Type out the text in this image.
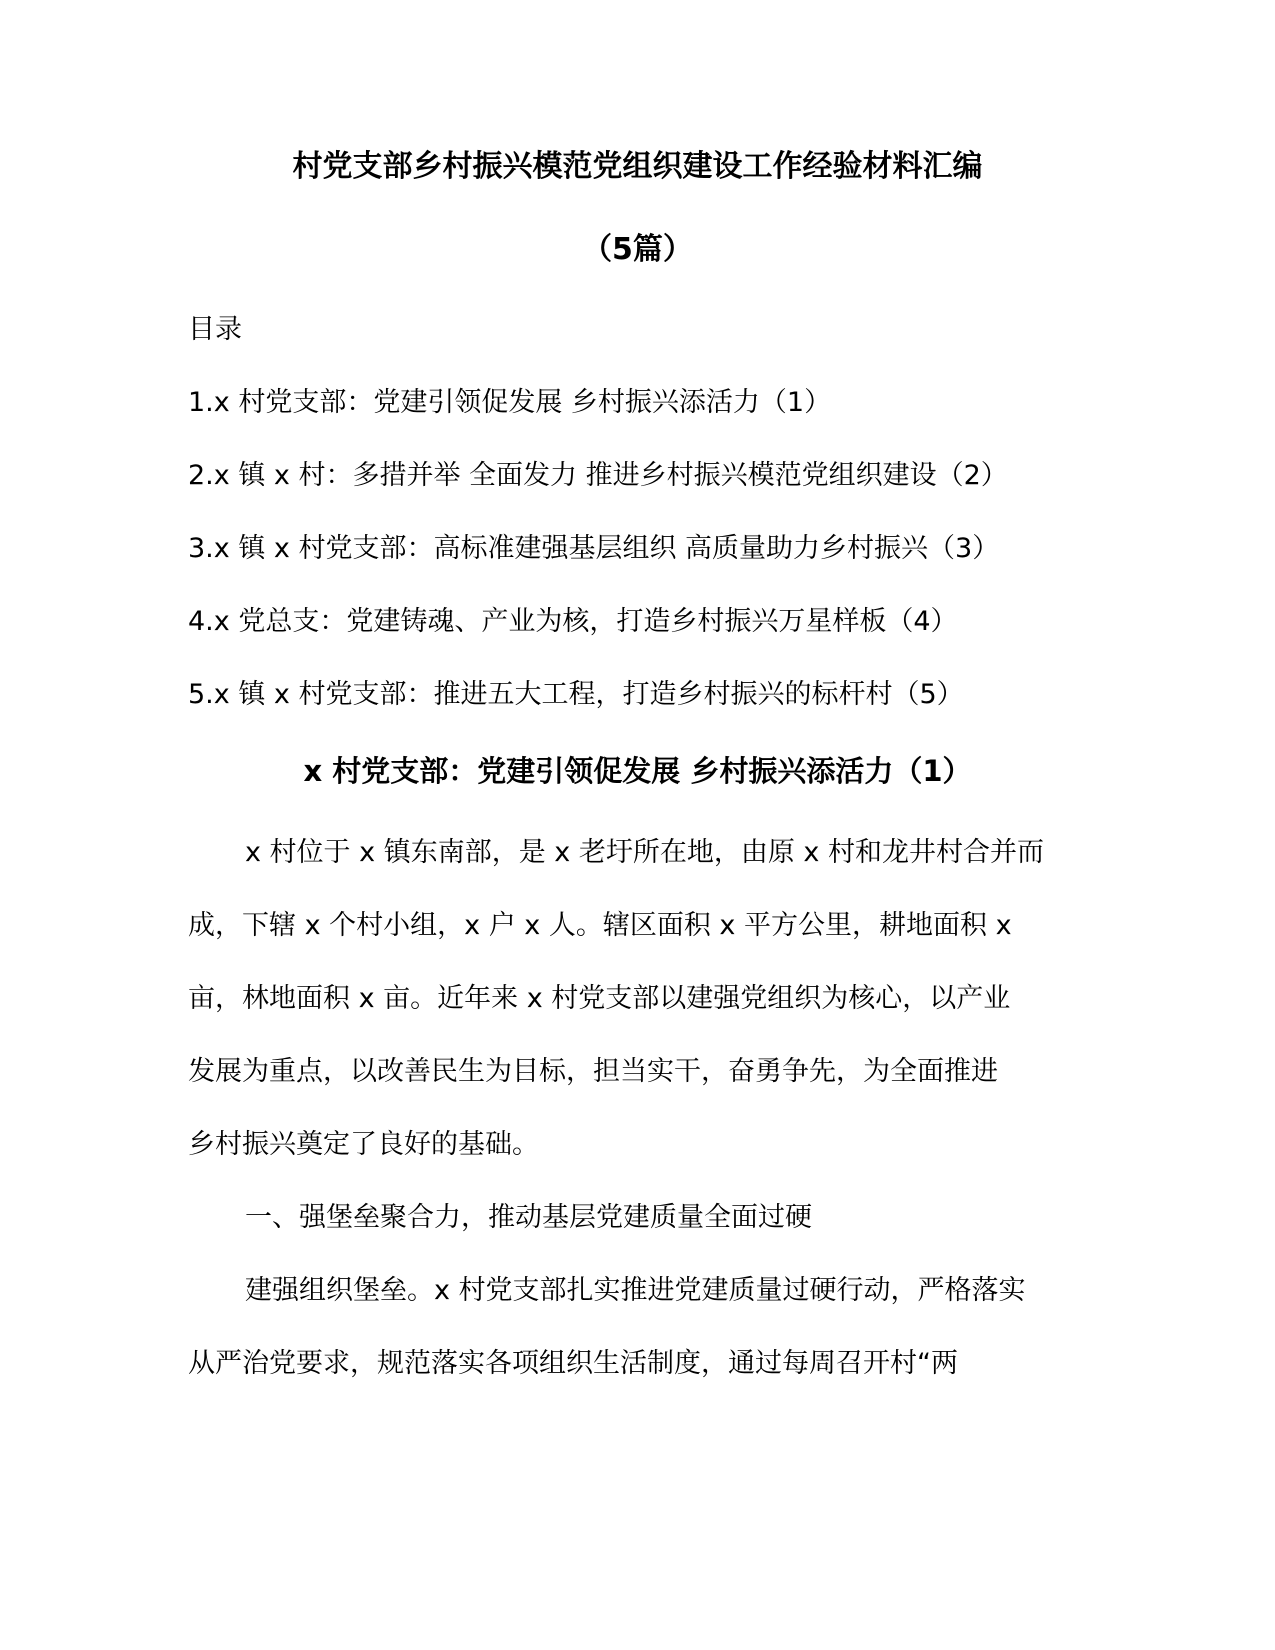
村党支部乡村振兴模范党组织建设工作经验材料汇编
（5篇）
目录
1.x 村党支部：党建引领促发展 乡村振兴添活力（1）
2.x 镇 x 村：多措并举 全面发力 推进乡村振兴模范党组织建设（2）
3.x 镇 x 村党支部：高标准建强基层组织 高质量助力乡村振兴（3）
4.x 党总支：党建铸魂、产业为核，打造乡村振兴万星样板（4）
5.x 镇 x 村党支部：推进五大工程，打造乡村振兴的标杆村（5）
x 村党支部：党建引领促发展 乡村振兴添活力（1）
x 村位于 x 镇东南部，是 x 老圩所在地，由原 x 村和龙井村合并而
成，下辖 x 个村小组，x 户 x 人。辖区面积 x 平方公里，耕地面积 x
亩，林地面积 x 亩。近年来 x 村党支部以建强党组织为核心，以产业
发展为重点，以改善民生为目标，担当实干，奋勇争先，为全面推进
乡村振兴奠定了良好的基础。
一、强堡垒聚合力，推动基层党建质量全面过硬
建强组织堡垒。x 村党支部扎实推进党建质量过硬行动，严格落实
从严治党要求，规范落实各项组织生活制度，通过每周召开村“两
